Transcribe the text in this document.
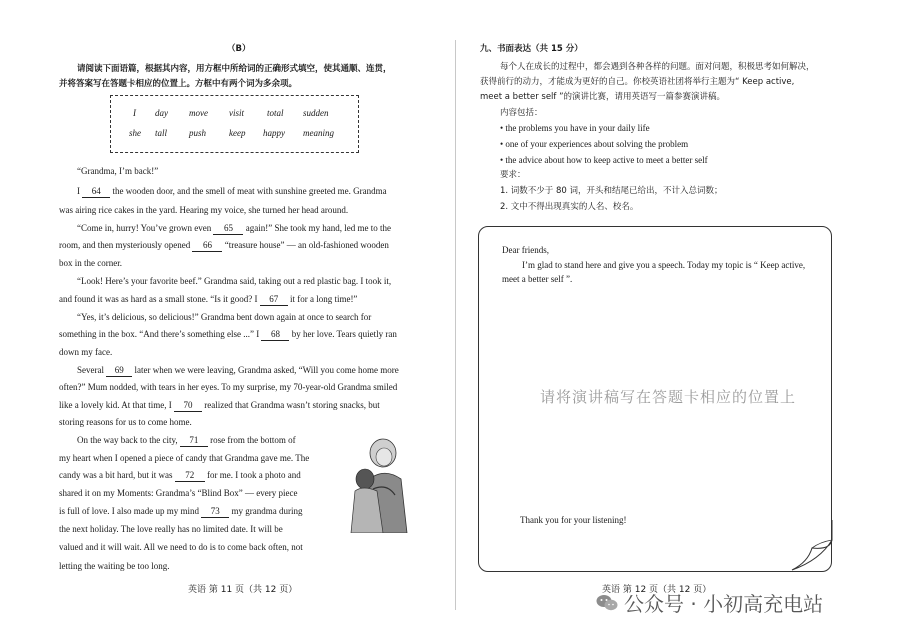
（B）
请阅读下面语篇，根据其内容，用方框中所给词的正确形式填空，使其通顺、连贯，
并将答案写在答题卡相应的位置上。方框中有两个词为多余项。
I day move visit	total sudden
she tall push	keep happy meaning
“Grandma, I’m back!”
I 64 the wooden door, and the smell of meat with sunshine greeted me. Grandma
was airing rice cakes in the yard. Hearing my voice, she turned her head around.
“Come in, hurry! You’ve grown even 65 again!” She took my hand, led me to the
room, and then mysteriously opened 66 “treasure house” — an old-fashioned wooden
box in the corner.
“Look! Here’s your favorite beef.” Grandma said, taking out a red plastic bag. I took it,
and found it was as hard as a small stone. “Is it good? I 67 it for a long time!”
“Yes, it’s delicious, so delicious!” Grandma bent down again at once to search for
something in the box. “And there’s something else ...” I 68 by her love. Tears quietly ran
down my face.
Several 69 later when we were leaving, Grandma asked, “Will you come home more
often?” Mum nodded, with tears in her eyes. To my surprise, my 70-year-old Grandma smiled
like a lovely kid. At that time, I 70 realized that Grandma wasn’t storing snacks, but
storing reasons for us to come home.
On the way back to the city, 71 rose from the bottom of
my heart when I opened a piece of candy that Grandma gave me. The
candy was a bit hard, but it was 72 for me. I took a photo and
shared it on my Moments: Grandma’s “Blind Box” — every piece
is full of love. I also made up my mind 73 my grandma during
the next holiday. The love really has no limited date. It will be
valued and it will wait. All we need to do is to come back often, not
letting the waiting be too long.
英语 第 11 页（共 12 页）
九、书面表达（共 15 分）
每个人在成长的过程中，都会遇到各种各样的问题。面对问题，积极思考如何解决，
获得前行的动力，才能成为更好的自己。你校英语社团将举行主题为“ Keep active,
meet a better self ”的演讲比赛，请用英语写一篇参赛演讲稿。
内容包括：
• the problems you have in your daily life
• one of your experiences about solving the problem
• the advice about how to keep active to meet a better self
要求：
1. 词数不少于 80 词，开头和结尾已给出，不计入总词数；
2. 文中不得出现真实的人名、校名。
英语 第 12 页（共 12 页）
Dear friends,
I’m glad to stand here and give you a speech. Today my topic is “ Keep active,
meet a better self ”.
请将演讲稿写在答题卡相应的位置上
Thank you for your listening!
公众号 · 小初高充电站
